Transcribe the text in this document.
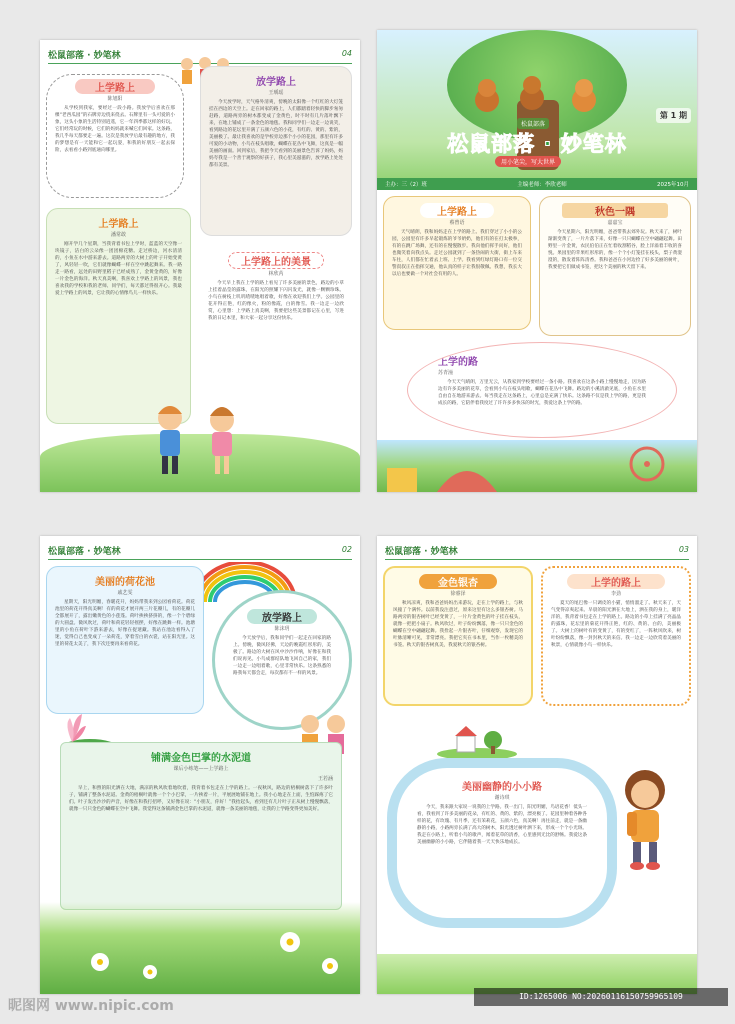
松鼠部落 · 妙笔林	04
上学路上
陈旭阳

从学校到我家，要经过一段小路。我放学后喜欢在那棵“老西瓜园”的石牌旁边绕来绕去。石牌里有一头可爱的小象，这头小象的生活特别逍遥，它一年四季都这样的好玩。它们经常玩的时候，它们的妈妈就来喊它们回家。这条路，我几乎每天都要走一遍。这次是我放学后最有趣的地方，我的梦想是有一天能和它一起玩耍，和我的好朋友一起去探险，去看看小路到底通向哪里。

上学路上
潘常敢

刚开学几个星期，当我背着书包上学时，蓝蓝的天空像一块镜子，洁白的云朵像一团团棉花糖。走过桥边，河水清清的，小鱼在水中游来游去。道路两旁的大树上的叶子开始变黄了，风轻轻一吹，它们就像蝴蝶一样在空中跳起舞来。我一路走一路看，远处的田野里稻子已经成熟了，金黄金黄的，好像一片金色的海洋。秋天真美啊，我喜欢上学路上的风景，我也喜欢我的学校和我的老师、同学们，每天都过得很开心。我最爱上学路上的风景，它让我的心情像鸟儿一样快乐。

放学路上
王瑀瑶

今天放学时，天气格外清爽，傍晚的太阳像一个红红的大灯笼挂在西边的天空上。走在回家的路上，人们都踏着轻快的脚步匆匆赶路，道路两旁的树木都变成了金黄色，时不时有几片落叶飘下来，在地上铺成了一条金色的地毯。我和同学们一边走一边说笑，看到路边的花坛里开满了五颜六色的小花，有红的、黄的、紫的，美丽极了。最让我喜欢的是学校旁边那个小小的花园，那里有许多可爱的小动物，小鸟在枝头唱歌，蝴蝶在花丛中飞舞，这真是一幅美丽的画面。回到家后，我把今天看到的美丽景色告诉了妈妈，妈妈夸我是一个善于观察的好孩子，我心里美滋滋的，放学路上处处都有美景。

上学路上的美景
林欣芮

今天早上我在上学的路上看见了许多美丽的景色，路边的小草上挂着晶莹的露珠，在阳光的照耀下闪闪发光，就像一颗颗珍珠。小鸟在树枝上叽叽喳喳地唱着歌，好像在欢迎我们上学。公园里的花开得正艳，红的像火，粉的像霞，白的像雪。我一边走一边欣赏，心里想：上学路上真美啊，我要把这些美景都记在心里，写进我的日记本里，和大家一起分享这份快乐。

松鼠部落
松鼠部落 · 妙笔林
第 1 期
用小笔尖，写大世界
主办：三（2）班	主编老师：李欣老师	2025年10月
上学路上
蔡曾语

天气晴朗，我和妈妈走在上学的路上。我们穿过了小小的公园，公园里有许多早起锻炼的爷爷奶奶，他们有的在打太极拳，有的在跳广场舞，还有的在慢慢散步。我向他们挥手问好，他们也微笑着向我点头。走过公园就到了一条热闹的大街，街上车来车往，人们都在忙着去上班、上学。我看到红绿灯路口有一位交警叔叔正在指挥交通，他认真的样子让我很敬佩。我想，我长大以后也要做一个对社会有用的人。

秋色一隅
嘉嘉宝

今天星期六，阳光明媚，爸爸带我去郊外玩。秋天来了，树叶渐渐变黄了，一片片落下来，好像一只只蝴蝶在空中翩翩起舞。田野里一片金黄，农民伯伯正在忙着收割稻谷，脸上洋溢着丰收的喜悦。果园里的苹果红彤彤的，像一个个小灯笼挂在枝头，梨子黄澄澄的，散发着阵阵清香。我和爸爸在小河边捡了好多美丽的树叶，我要把它们做成书签，把这个美丽的秋天留下来。

上学的路
苏青潼

今天天气晴朗，万里无云，从我家到学校要经过一条小路。我喜欢在这条小路上慢慢地走，因为路边有许多美丽的花草，会看到小鸟在枝头唱歌，蝴蝶在花丛中飞舞。路边的小溪清澈见底，小鱼在水里自由自在地游来游去。每当我走在这条路上，心里总是充满了快乐。这条路不仅是我上学的路，更是我成长的路，它陪伴着我度过了许许多多快乐的时光，我爱这条上学的路。

松鼠部落 · 妙笔林	02
美丽的荷花池
戚艺雯

星期天，阳光明媚，春暖花开，妈妈带我来到公园看荷花。荷花池里的荷花开得真美啊！有的荷花才展开两三片花瓣儿，有的花瓣儿全都展开了，露出嫩黄色的小莲蓬。荷叶挨挨挤挤的，像一个个碧绿的大圆盘。微风吹过，荷叶和荷花轻轻摇摆，好像在跳舞一样。池塘里的小鱼在荷叶下游来游去，好像在捉迷藏。我站在池边看得入了迷，觉得自己也变成了一朵荷花，穿着雪白的衣裳，站在阳光里。这里的荷花太美了，我下次还要再来看荷花。

放学路上
陈沫玥

今天放学后，我和同学们一起走在回家的路上。傍晚，微风轻拂，天边的晚霞红彤彤的，美极了。路边的大树在风中沙沙作响，好像在和我们说再见。小鸟成群结队地飞回自己的家，我们一边走一边唱着歌，心里非常快乐。这条熟悉的路我每天都会走，每次都有不一样的风景。

铺满金色巴掌的水泥道
课后小练笔——上学路上
王若涵

早上，和煦的阳光洒在大地，满凉的秋风吹着地吹着，我背着书包走在上学的路上。一夜秋风，路边的梧桐树落下了许多叶子，铺满了整条水泥道。金黄的梧桐叶就像一个个小巴掌，一片挨着一片，平展展地铺在地上。我小心地走在上面，生怕踩疼了它们。叶子发出沙沙的声音，好像在和我打招呼，又好像在说：“小朋友，你好！”我抬起头，看到还有几片叶子正从树上慢慢飘落，就像一只只金色的蝴蝶在空中飞舞。我觉得这条铺满金色巴掌的水泥道，就像一条美丽的地毯，让我的上学路变得更加美好。

松鼠部落 · 妙笔林	03
金色银杏
徐睿泽

秋风凉爽，我和爸爸妈妈出来游玩，走在上学的路上，与秋风撞了个满怀。以前我没注意过，原来这里有这么多银杏树。马路两旁的银杏树叶已经变黄了，一片片金黄色的叶子挂在枝头，就像一把把小扇子。秋风吹过，叶子纷纷飘落，像一只只金色的蝴蝶在空中翩翩起舞。我捡起一片银杏叶，仔细观察，发现它的叶脉清晰可见，非常漂亮。我把它夹在书本里，当作一枚精美的书签。秋天的银杏树真美，我爱秋天的银杏树。

上学的路上
李劲

夏天的尾巴像一只调皮的小猫，悄悄溜走了。秋天来了，天气变得凉爽起来。早晨的阳光洒在大地上，洒在我的身上，暖洋洋的，我背着书包走在上学的路上。路边的小草上挂满了亮晶晶的露珠，花坛里的菊花开得正艳，红的、黄的、白的，美丽极了。大树上的树叶有的变黄了，有的变红了，一阵秋风吹来，树叶纷纷飘落，像一封封秋天的来信。我一边走一边欣赏着美丽的秋景，心情就像小鸟一样快乐。

美丽幽静的小小路
谢诗琪

今天，我来跟大家说一说我的上学路。我一出门，阳光明媚，鸟语花香！低头一看，我看到了许多美丽的花朵，有红的、黄的、紫的，漂亮极了。花园里种着各种各样的花，有玫瑰、有月季，还有茉莉花，五颜六色，真美啊！再往前走，就是一条幽静的小路，小路两旁长满了高大的树木，阳光透过树叶洒下来，形成一个个小光斑。我走在小路上，听着小鸟的歌声，闻着花草的清香，心里感到无比的舒畅。我爱这条美丽幽静的小小路，它伴随着我一天天快乐地成长。

昵图网 www.nipic.com
ID:1265006 NO:20260116150759965109
